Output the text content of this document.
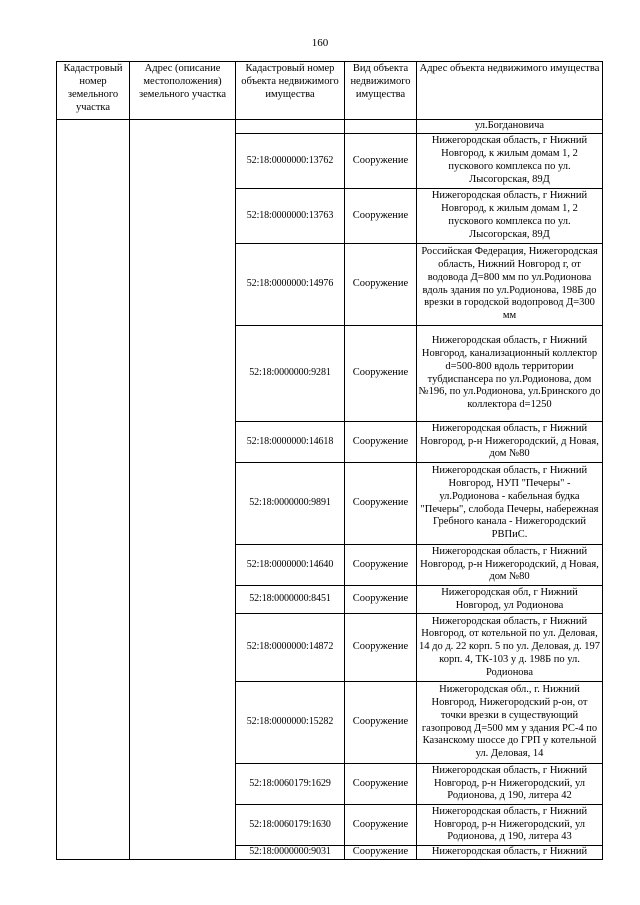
160
Кадастровый номер земельного участка	Адрес (описание местоположения) земельного участка	Кадастровый номер объекта недвижимого имущества	Вид объекта недвижимого имущества	Адрес объекта недвижимого имущества
				ул.Богдановича
		52:18:0000000:13762	Сооружение	Нижегородская область, г Нижний Новгород, к жилым домам 1, 2 пускового комплекса по ул. Лысогорская, 89Д
		52:18:0000000:13763	Сооружение	Нижегородская область, г Нижний Новгород, к жилым домам 1, 2 пускового комплекса по ул. Лысогорская, 89Д
		52:18:0000000:14976	Сооружение	Российская Федерация, Нижегородская область, Нижний Новгород г, от водовода Д=800 мм по ул.Родионова вдоль здания по ул.Родионова, 198Б до врезки в городской водопровод Д=300 мм
		52:18:0000000:9281	Сооружение	Нижегородская область, г Нижний Новгород, канализационный коллектор d=500-800 вдоль территории тубдиспансера по ул.Родионова, дом №196, по ул.Родионова, ул.Бринского до коллектора d=1250
		52:18:0000000:14618	Сооружение	Нижегородская область, г Нижний Новгород, р-н Нижегородский, д Новая, дом №80
		52:18:0000000:9891	Сооружение	Нижегородская область, г Нижний Новгород, НУП "Печеры" - ул.Родионова - кабельная будка "Печеры", слобода Печеры, набережная Гребного канала - Нижегородский РВПиС.
		52:18:0000000:14640	Сооружение	Нижегородская область, г Нижний Новгород, р-н Нижегородский, д Новая, дом №80
		52:18:0000000:8451	Сооружение	Нижегородская обл, г Нижний Новгород, ул Родионова
		52:18:0000000:14872	Сооружение	Нижегородская область, г Нижний Новгород, от котельной по ул. Деловая, 14 до д. 22 корп. 5 по ул. Деловая, д. 197 корп. 4, ТК-103 у д. 198Б по ул. Родионова
		52:18:0000000:15282	Сооружение	Нижегородская обл., г. Нижний Новгород, Нижегородский р-он, от точки врезки в существующий газопровод Д=500 мм у здания РС-4 по Казанскому шоссе до ГРП у котельной ул. Деловая, 14
		52:18:0060179:1629	Сооружение	Нижегородская область, г Нижний Новгород, р-н Нижегородский, ул Родионова, д 190, литера 42
		52:18:0060179:1630	Сооружение	Нижегородская область, г Нижний Новгород, р-н Нижегородский, ул Родионова, д 190, литера 43
		52:18:0000000:9031	Сооружение	Нижегородская область, г Нижний
